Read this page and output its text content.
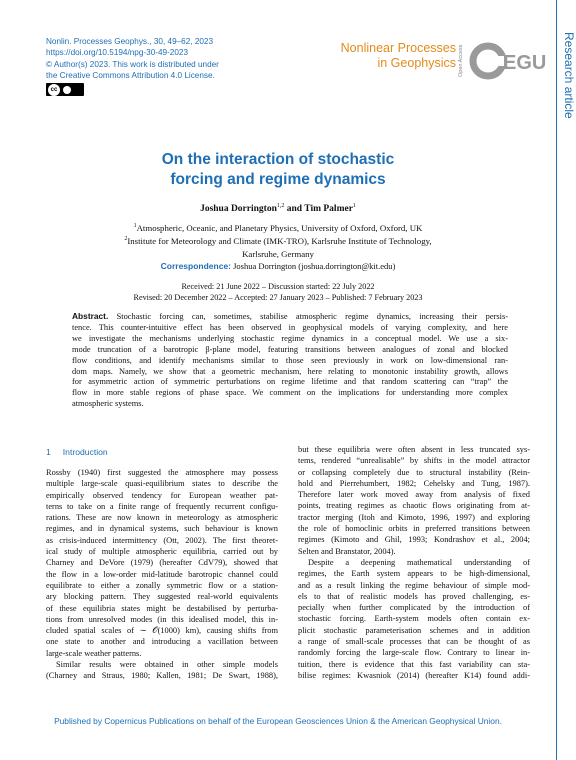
Nonlin. Processes Geophys., 30, 49–62, 2023
https://doi.org/10.5194/npg-30-49-2023
© Author(s) 2023. This work is distributed under
the Creative Commons Attribution 4.0 License.
cc
Nonlinear Processes
in Geophysics Open Access EGU	Research article
On the interaction of stochastic
forcing and regime dynamics
Joshua Dorrington$^{1,2}$ and Tim Palmer$^1$
$^1$Atmospheric, Oceanic, and Planetary Physics, University of Oxford, Oxford, UK
$^2$Institute for Meteorology and Climate (IMK-TRO), Karlsruhe Institute of Technology,
Karlsruhe, Germany
Correspondence: Joshua Dorrington (joshua.dorrington@kit.edu)
Received: 21 June 2022 – Discussion started: 22 July 2022
Revised: 20 December 2022 – Accepted: 27 January 2023 – Published: 7 February 2023
Abstract. Stochastic forcing can, sometimes, stabilise atmospheric regime dynamics, increasing their persis-
tence. This counter-intuitive effect has been observed in geophysical models of varying complexity, and here
we investigate the mechanisms underlying stochastic regime dynamics in a conceptual model. We use a six-
mode truncation of a barotropic β-plane model, featuring transitions between analogues of zonal and blocked
flow conditions, and identify mechanisms similar to those seen previously in work on low-dimensional ran-
dom maps. Namely, we show that a geometric mechanism, here relating to monotonic instability growth, allows
for asymmetric action of symmetric perturbations on regime lifetime and that random scattering can “trap” the
flow in more stable regions of phase space. We comment on the implications for understanding more complex
atmospheric systems.
1 Introduction
Rossby (1940) first suggested the atmosphere may possess
multiple large-scale quasi-equilibrium states to describe the
empirically observed tendency for European weather pat-
terns to take on a finite range of frequently recurrent configu-
rations. These are now known in meteorology as atmospheric
regimes, and in dynamical systems, such behaviour is known
as crisis-induced intermittency (Ott, 2002). The first theoret-
ical study of multiple atmospheric equilibria, carried out by
Charney and DeVore (1979) (hereafter CdV79), showed that
the flow in a low-order mid-latitude barotropic channel could
equilibrate to either a zonally symmetric flow or a station-
ary blocking pattern. They suggested real-world equivalents
of these equilibria states might be destabilised by perturba-
tions from unresolved modes (in this idealised model, this in-
cluded spatial scales of ∼ 𝒪(1000) km), causing shifts from
one state to another and introducing a vacillation between
large-scale weather patterns.
Similar results were obtained in other simple models
(Charney and Straus, 1980; Kallen, 1981; De Swart, 1988),
but these equilibria were often absent in less truncated sys-
tems, rendered “unrealisable” by shifts in the model attractor
or collapsing completely due to structural instability (Rein-
hold and Pierrehumbert, 1982; Cehelsky and Tung, 1987).
Therefore later work moved away from analysis of fixed
points, treating regimes as chaotic flows originating from at-
tractor merging (Itoh and Kimoto, 1996, 1997) and exploring
the role of homoclinic orbits in preferred transitions between
regimes (Kimoto and Ghil, 1993; Kondrashov et al., 2004;
Selten and Branstator, 2004).
Despite a deepening mathematical understanding of
regimes, the Earth system appears to be high-dimensional,
and as a result linking the regime behaviour of simple mod-
els to that of realistic models has proved challenging, es-
pecially when further complicated by the introduction of
stochastic forcing. Earth-system models often contain ex-
plicit stochastic parameterisation schemes and in addition
a range of small-scale processes that can be thought of as
randomly forcing the large-scale flow. Contrary to linear in-
tuition, there is evidence that this fast variability can sta-
bilise regimes: Kwasniok (2014) (hereafter K14) found addi-
Published by Copernicus Publications on behalf of the European Geosciences Union & the American Geophysical Union.
